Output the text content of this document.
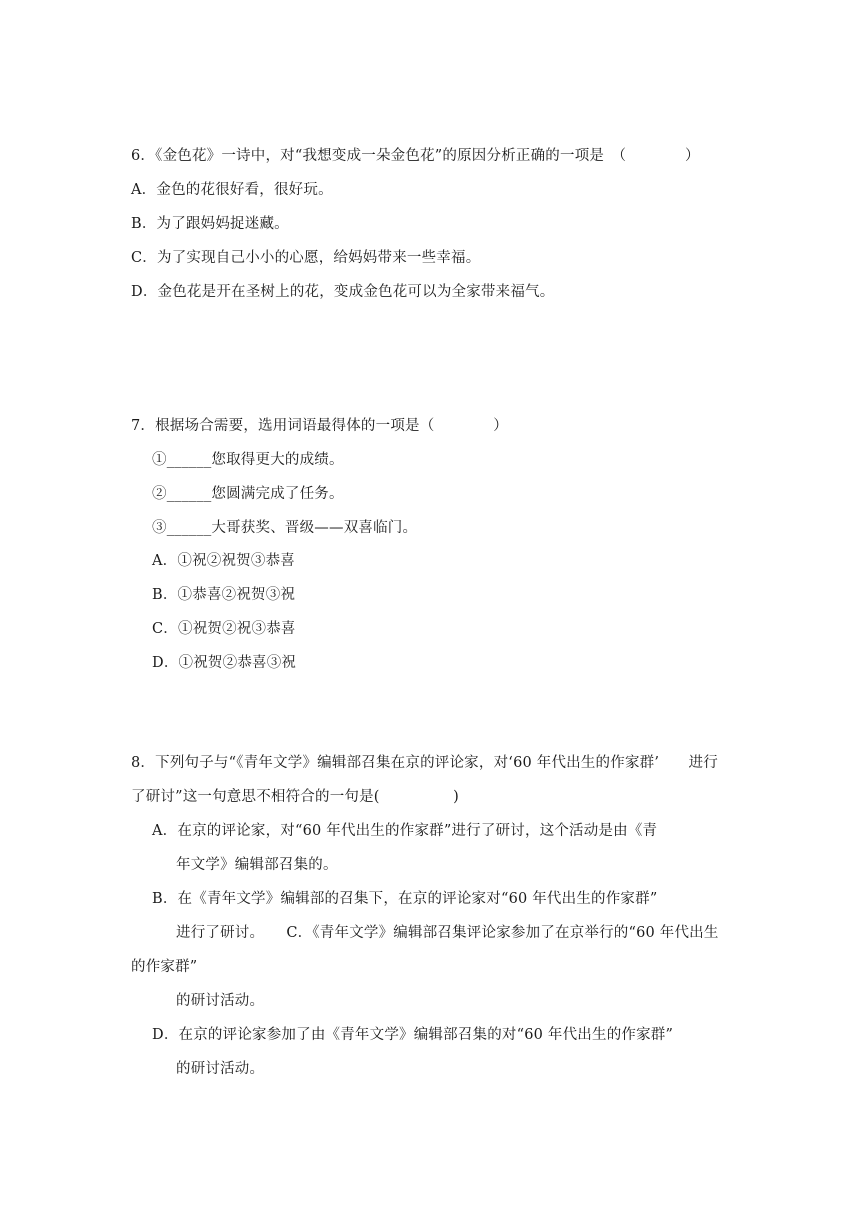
6．《金色花》一诗中，对“我想变成一朵金色花”的原因分析正确的一项是　（　　　　）
A．金色的花很好看，很好玩。
B．为了跟妈妈捉迷藏。
C．为了实现自己小小的心愿，给妈妈带来一些幸福。
D．金色花是开在圣树上的花，变成金色花可以为全家带来福气。
7．根据场合需要，选用词语最得体的一项是（　　　　）
①______您取得更大的成绩。
②______您圆满完成了任务。
③______大哥获奖、晋级——双喜临门。
A．①祝②祝贺③恭喜
B．①恭喜②祝贺③祝
C．①祝贺②祝③恭喜
D．①祝贺②恭喜③祝
8．下列句子与“《青年文学》编辑部召集在京的评论家，对‘60 年代出生的作家群’　　进行
了研讨”这一句意思不相符合的一句是(　　　　　)
A．在京的评论家，对“60 年代出生的作家群”进行了研讨，这个活动是由《青
年文学》编辑部召集的。
B．在《青年文学》编辑部的召集下，在京的评论家对“60 年代出生的作家群”
进行了研讨。　　C．《青年文学》编辑部召集评论家参加了在京举行的“60 年代出生
的作家群”
的研讨活动。
D．在京的评论家参加了由《青年文学》编辑部召集的对“60 年代出生的作家群”
的研讨活动。
